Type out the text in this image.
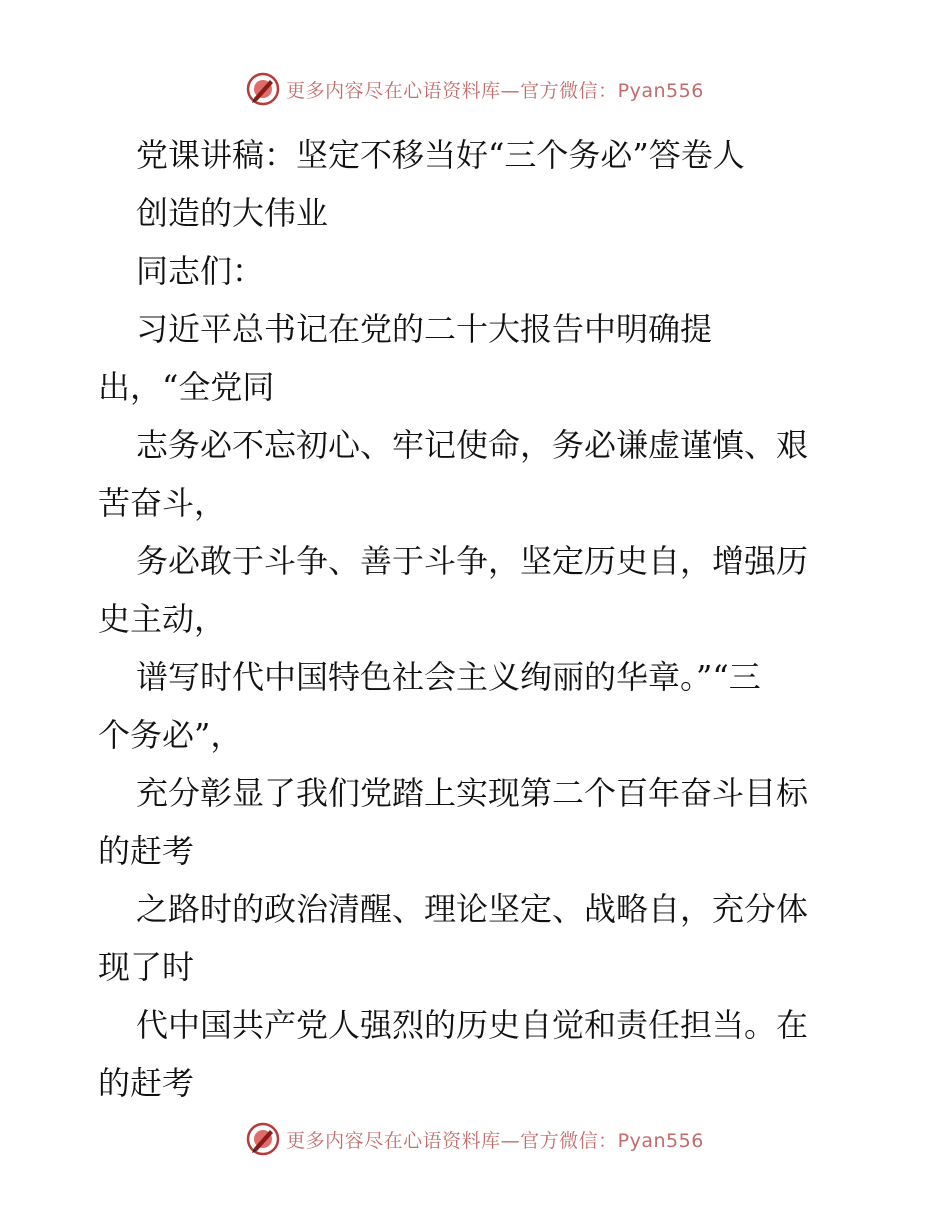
更多内容尽在心语资料库—官方微信：Pyan556
党课讲稿：坚定不移当好“三个务必”答卷人
创造的大伟业
同志们：
习近平总书记在党的二十大报告中明确提
出，“全党同
志务必不忘初心、牢记使命，务必谦虚谨慎、艰
苦奋斗，
务必敢于斗争、善于斗争，坚定历史自，增强历
史主动，
谱写时代中国特色社会主义绚丽的华章。”“三
个务必”，
充分彰显了我们党踏上实现第二个百年奋斗目标
的赶考
之路时的政治清醒、理论坚定、战略自，充分体
现了时
代中国共产党人强烈的历史自觉和责任担当。在
的赶考
更多内容尽在心语资料库—官方微信：Pyan556
